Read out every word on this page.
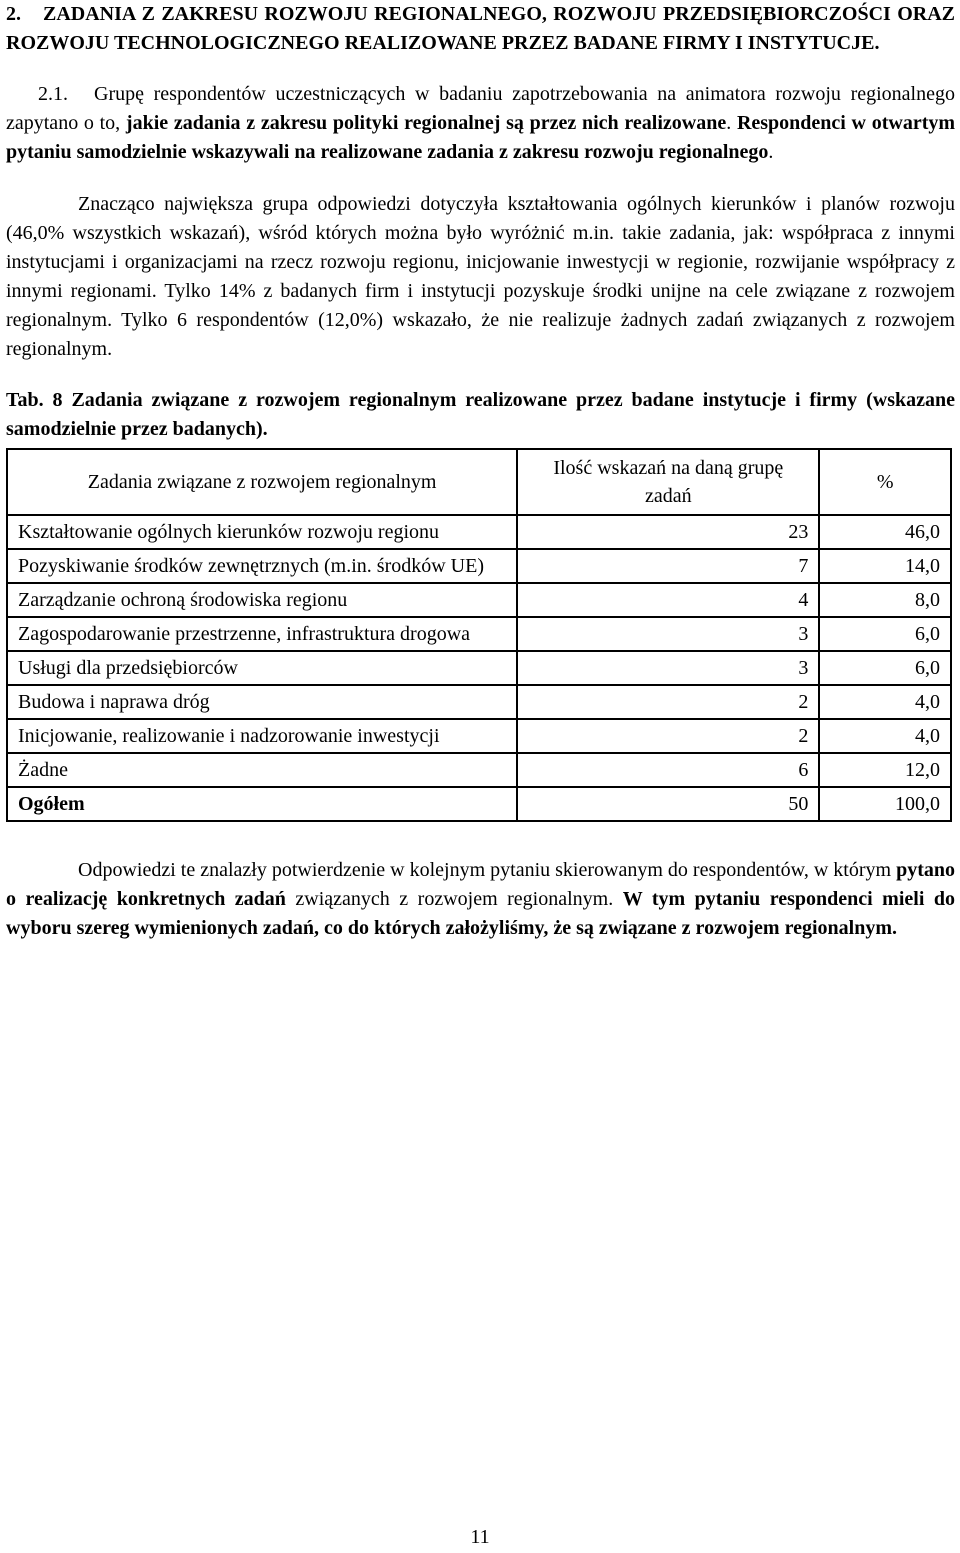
2. ZADANIA Z ZAKRESU ROZWOJU REGIONALNEGO, ROZWOJU PRZEDSIĘBIORCZOŚCI ORAZ ROZWOJU TECHNOLOGICZNEGO REALIZOWANE PRZEZ BADANE FIRMY I INSTYTUCJE.

2.1. Grupę respondentów uczestniczących w badaniu zapotrzebowania na animatora rozwoju regionalnego zapytano o to, jakie zadania z zakresu polityki regionalnej są przez nich realizowane. Respondenci w otwartym pytaniu samodzielnie wskazywali na realizowane zadania z zakresu rozwoju regionalnego.

Znacząco największa grupa odpowiedzi dotyczyła kształtowania ogólnych kierunków i planów rozwoju (46,0% wszystkich wskazań), wśród których można było wyróżnić m.in. takie zadania, jak: współpraca z innymi instytucjami i organizacjami na rzecz rozwoju regionu, inicjowanie inwestycji w regionie, rozwijanie współpracy z innymi regionami. Tylko 14% z badanych firm i instytucji pozyskuje środki unijne na cele związane z rozwojem regionalnym. Tylko 6 respondentów (12,0%) wskazało, że nie realizuje żadnych zadań związanych z rozwojem regionalnym.

Tab. 8 Zadania związane z rozwojem regionalnym realizowane przez badane instytucje i firmy (wskazane samodzielnie przez badanych).

Zadania związane z rozwojem regionalnym	Ilość wskazań na daną grupę zadań	%
Kształtowanie ogólnych kierunków rozwoju regionu	23	46,0
Pozyskiwanie środków zewnętrznych (m.in. środków UE)	7	14,0
Zarządzanie ochroną środowiska regionu	4	8,0
Zagospodarowanie przestrzenne, infrastruktura drogowa	3	6,0
Usługi dla przedsiębiorców	3	6,0
Budowa i naprawa dróg	2	4,0
Inicjowanie, realizowanie i nadzorowanie inwestycji	2	4,0
Żadne	6	12,0
Ogółem	50	100,0

Odpowiedzi te znalazły potwierdzenie w kolejnym pytaniu skierowanym do respondentów, w którym pytano o realizację konkretnych zadań związanych z rozwojem regionalnym. W tym pytaniu respondenci mieli do wyboru szereg wymienionych zadań, co do których założyliśmy, że są związane z rozwojem regionalnym.

11
